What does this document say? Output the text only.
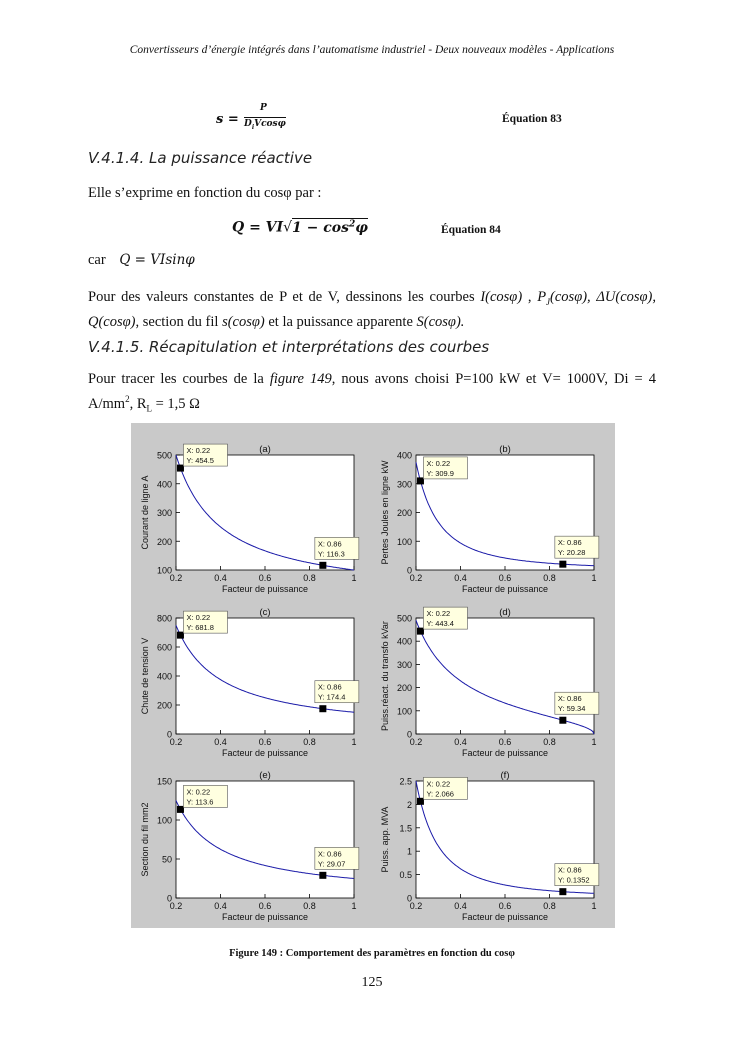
Convertisseurs d’énergie intégrés dans l’automatisme industriel - Deux nouveaux modèles - Applications
s =
P
$D_iVcos\varphi$	Équation 83
V.4.1.4. La puissance réactive
Elle s’exprime en fonction du cosφ par :
$Q = VI√1 - \cos^2\varphi$	Équation 84
car Q = VIsinφ
Pour des valeurs constantes de P et de V, dessinons les courbes I(cosφ) , $P_J(\cos\varphi)$, ΔU(cosφ), Q(cosφ), section du fil s(cosφ) et la puissance apparente S(cosφ).
V.4.1.5. Récapitulation et interprétations des courbes
Pour tracer les courbes de la figure 149, nous avons choisi P=100 kW et V= 1000V, Di = 4 $A/mm^2$, $R_L = 1,5$ Ω
(a)
100
200
300
400
500
0.2	0.4	0.6	0.8	1
Facteur de puissance
Courant de ligne A
X: 0.22
Y: 454.5
X: 0.86
Y: 116.3
(b)
0
100
200
300
400
0.2	0.4	0.6	0.8	1
Facteur de puissance
Pertes Joules en ligne kW	X: 0.22
Y: 309.9
X: 0.86
Y: 20.28
(c)
0
200
400
600
800
0.2	0.4	0.6	0.8	1
Facteur de puissance
Chute de tension V
X: 0.22
Y: 681.8
X: 0.86
Y: 174.4
(d)
0
100
200
300
400
500
0.2	0.4	0.6	0.8	1
Facteur de puissance
Puiss.réact. du transfo kVar
X: 0.22
Y: 443.4
X: 0.86
Y: 59.34
(e)
0
50
100
150
0.2	0.4	0.6	0.8	1
Facteur de puissance
Section du fil mm2
X: 0.22
Y: 113.6
X: 0.86
Y: 29.07
(f)
0
0.5
1
1.5
2
2.5
0.2	0.4	0.6	0.8	1
Facteur de puissance
Puiss. app. MVA
X: 0.22
Y: 2.066
X: 0.86
Y: 0.1352
Figure 149 : Comportement des paramètres en fonction du cosφ
125
